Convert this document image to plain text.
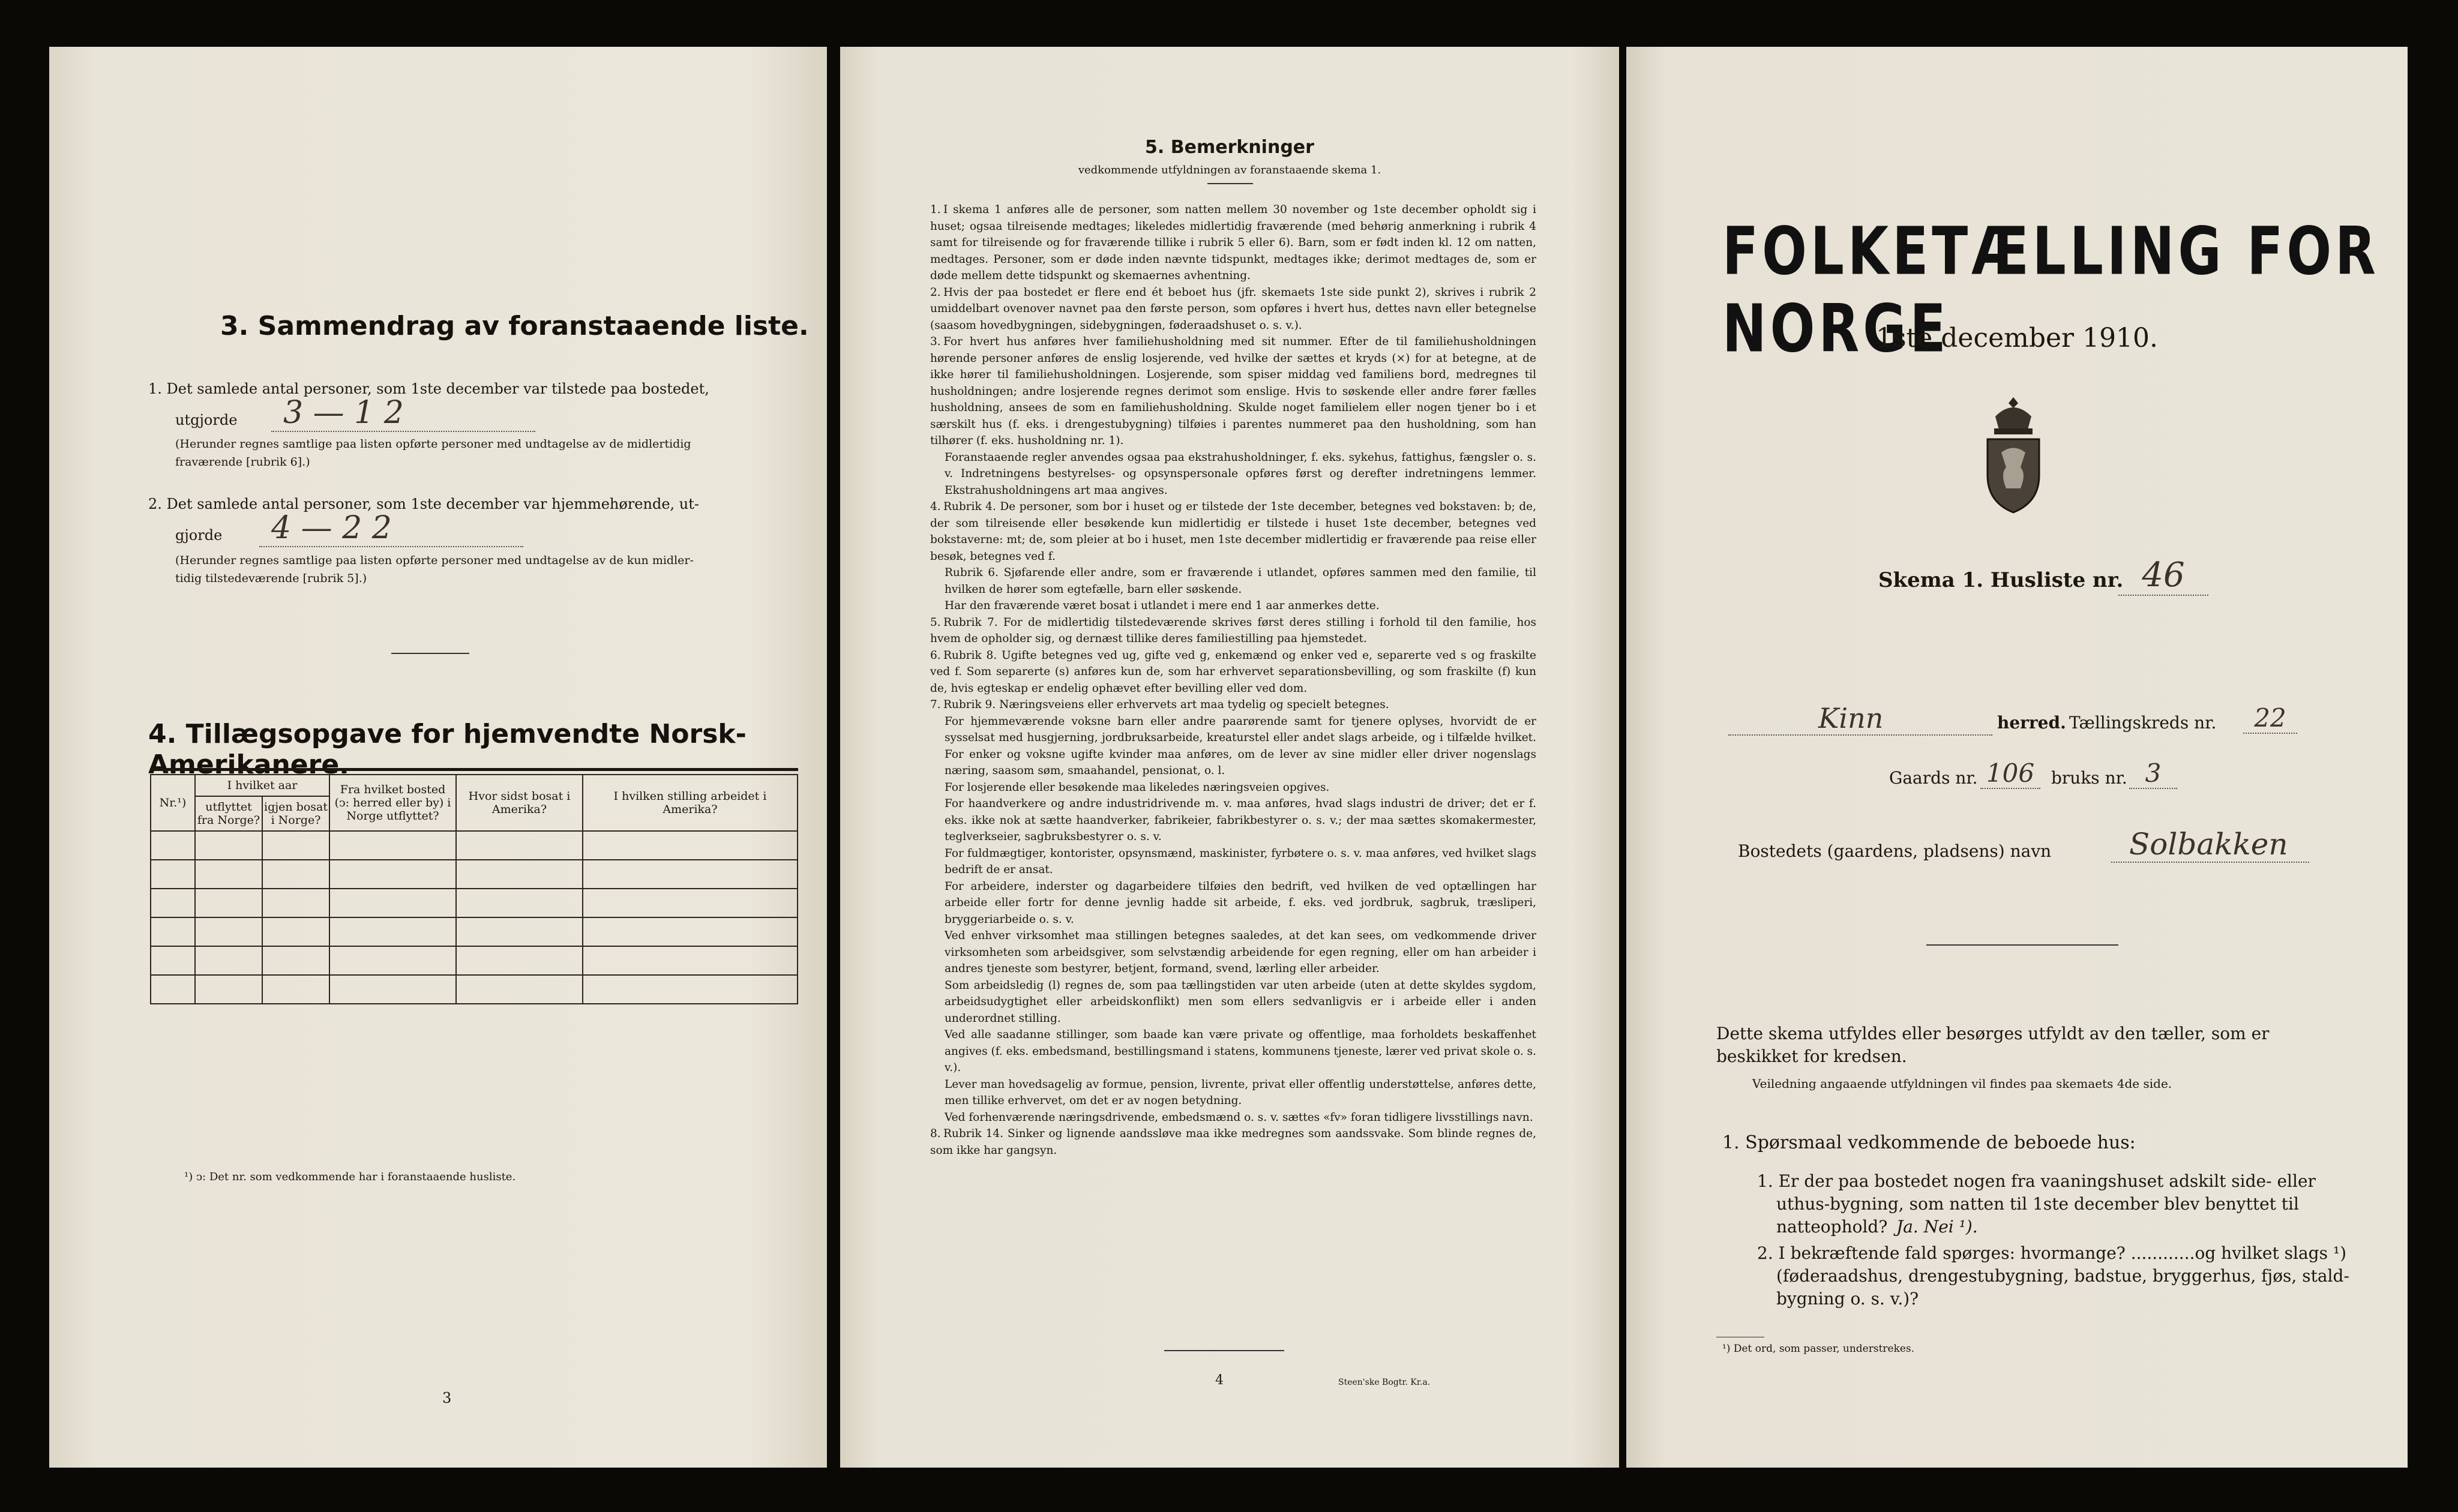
3. Sammendrag av foranstaaende liste.
1. Det samlede antal personer, som 1ste december var tilstede paa bostedet,
utgjorde	3 — 1 2
(Herunder regnes samtlige paa listen opførte personer med undtagelse av de midlertidig
fraværende [rubrik 6].)
2. Det samlede antal personer, som 1ste december var hjemmehørende, ut-
gjorde	4 — 2 2
(Herunder regnes samtlige paa listen opførte personer med undtagelse av de kun midler-
tidig tilstedeværende [rubrik 5].)
4. Tillægsopgave for hjemvendte Norsk-Amerikanere.
Nr.¹)	I hvilket aar		Fra hvilket bosted (ↄ: herred eller by) i Norge utflyttet?	Hvor sidst bosat i Amerika?	I hvilken stilling arbeidet i Amerika?
	utflyttet fra Norge?	igjen bosat i Norge?			

¹) ↄ: Det nr. som vedkommende har i foranstaaende husliste.
3
5. Bemerkninger
vedkommende utfyldningen av foranstaaende skema 1.

1. I skema 1 anføres alle de personer, som natten mellem 30 november og 1ste december opholdt sig i huset; ogsaa tilreisende medtages; likeledes midlertidig fraværende (med behørig anmerkning i rubrik 4 samt for tilreisende og for fraværende tillike i rubrik 5 eller 6). Barn, som er født inden kl. 12 om natten, medtages. Personer, som er døde inden nævnte tidspunkt, medtages ikke; derimot medtages de, som er døde mellem dette tidspunkt og skemaernes avhentning.

2. Hvis der paa bostedet er flere end ét beboet hus (jfr. skemaets 1ste side punkt 2), skrives i rubrik 2 umiddelbart ovenover navnet paa den første person, som opføres i hvert hus, dettes navn eller betegnelse (saasom hovedbygningen, sidebygningen, føderaadshuset o. s. v.).

3. For hvert hus anføres hver familiehusholdning med sit nummer. Efter de til familiehusholdningen hørende personer anføres de enslig losjerende, ved hvilke der sættes et kryds (×) for at betegne, at de ikke hører til familiehusholdningen. Losjerende, som spiser middag ved familiens bord, medregnes til husholdningen; andre losjerende regnes derimot som enslige. Hvis to søskende eller andre fører fælles husholdning, ansees de som en familiehusholdning. Skulde noget familielem eller nogen tjener bo i et særskilt hus (f. eks. i drengestubygning) tilføies i parentes nummeret paa den husholdning, som han tilhører (f. eks. husholdning nr. 1).

Foranstaaende regler anvendes ogsaa paa ekstrahusholdninger, f. eks. sykehus, fattighus, fængsler o. s. v. Indretningens bestyrelses- og opsynspersonale opføres først og derefter indretningens lemmer. Ekstrahusholdningens art maa angives.

4. Rubrik 4. De personer, som bor i huset og er tilstede der 1ste december, betegnes ved bokstaven: b; de, der som tilreisende eller besøkende kun midlertidig er tilstede i huset 1ste december, betegnes ved bokstaverne: mt; de, som pleier at bo i huset, men 1ste december midlertidig er fraværende paa reise eller besøk, betegnes ved f.

Rubrik 6. Sjøfarende eller andre, som er fraværende i utlandet, opføres sammen med den familie, til hvilken de hører som egtefælle, barn eller søskende.

Har den fraværende været bosat i utlandet i mere end 1 aar anmerkes dette.

5. Rubrik 7. For de midlertidig tilstedeværende skrives først deres stilling i forhold til den familie, hos hvem de opholder sig, og dernæst tillike deres familiestilling paa hjemstedet.

6. Rubrik 8. Ugifte betegnes ved ug, gifte ved g, enkemænd og enker ved e, separerte ved s og fraskilte ved f. Som separerte (s) anføres kun de, som har erhvervet separationsbevilling, og som fraskilte (f) kun de, hvis egteskap er endelig ophævet efter bevilling eller ved dom.

7. Rubrik 9. Næringsveiens eller erhvervets art maa tydelig og specielt betegnes.

For hjemmeværende voksne barn eller andre paarørende samt for tjenere oplyses, hvorvidt de er sysselsat med husgjerning, jordbruksarbeide, kreaturstel eller andet slags arbeide, og i tilfælde hvilket. For enker og voksne ugifte kvinder maa anføres, om de lever av sine midler eller driver nogenslags næring, saasom søm, smaahandel, pensionat, o. l.

For losjerende eller besøkende maa likeledes næringsveien opgives.

For haandverkere og andre industridrivende m. v. maa anføres, hvad slags industri de driver; det er f. eks. ikke nok at sætte haandverker, fabrikeier, fabrikbestyrer o. s. v.; der maa sættes skomakermester, teglverkseier, sagbruksbestyrer o. s. v.

For fuldmægtiger, kontorister, opsynsmænd, maskinister, fyrbøtere o. s. v. maa anføres, ved hvilket slags bedrift de er ansat.

For arbeidere, inderster og dagarbeidere tilføies den bedrift, ved hvilken de ved optællingen har arbeide eller fortr for denne jevnlig hadde sit arbeide, f. eks. ved jordbruk, sagbruk, træsliperi, bryggeriarbeide o. s. v.

Ved enhver virksomhet maa stillingen betegnes saaledes, at det kan sees, om vedkommende driver virksomheten som arbeidsgiver, som selvstændig arbeidende for egen regning, eller om han arbeider i andres tjeneste som bestyrer, betjent, formand, svend, lærling eller arbeider.

Som arbeidsledig (l) regnes de, som paa tællingstiden var uten arbeide (uten at dette skyldes sygdom, arbeidsudygtighet eller arbeidskonflikt) men som ellers sedvanligvis er i arbeide eller i anden underordnet stilling.

Ved alle saadanne stillinger, som baade kan være private og offentlige, maa forholdets beskaffenhet angives (f. eks. embedsmand, bestillingsmand i statens, kommunens tjeneste, lærer ved privat skole o. s. v.).

Lever man hovedsagelig av formue, pension, livrente, privat eller offentlig understøttelse, anføres dette, men tillike erhvervet, om det er av nogen betydning.

Ved forhenværende næringsdrivende, embedsmænd o. s. v. sættes «fv» foran tidligere livsstillings navn.

8. Rubrik 14. Sinker og lignende aandssløve maa ikke medregnes som aandssvake. Som blinde regnes de, som ikke har gangsyn.

4	Steen'ske Bogtr. Kr.a.
FOLKETÆLLING FOR NORGE
1ste december 1910.
Skema 1. Husliste nr. 46
Kinn	herred. Tællingskreds nr.	22
Gaards nr. 106 bruks nr. 3
Bostedets (gaardens, pladsens) navn	Solbakken
Dette skema utfyldes eller besørges utfyldt av den tæller, som er
beskikket for kredsen.
Veiledning angaaende utfyldningen vil findes paa skemaets 4de side.
1. Spørsmaal vedkommende de beboede hus:
1. Er der paa bostedet nogen fra vaaningshuset adskilt side- eller
uthus-bygning, som natten til 1ste december blev benyttet til
natteophold? Ja. Nei ¹).
2. I bekræftende fald spørges: hvormange? ............og hvilket slags ¹)
(føderaadshus, drengestubygning, badstue, bryggerhus, fjøs, stald-
bygning o. s. v.)?
¹) Det ord, som passer, understrekes.
